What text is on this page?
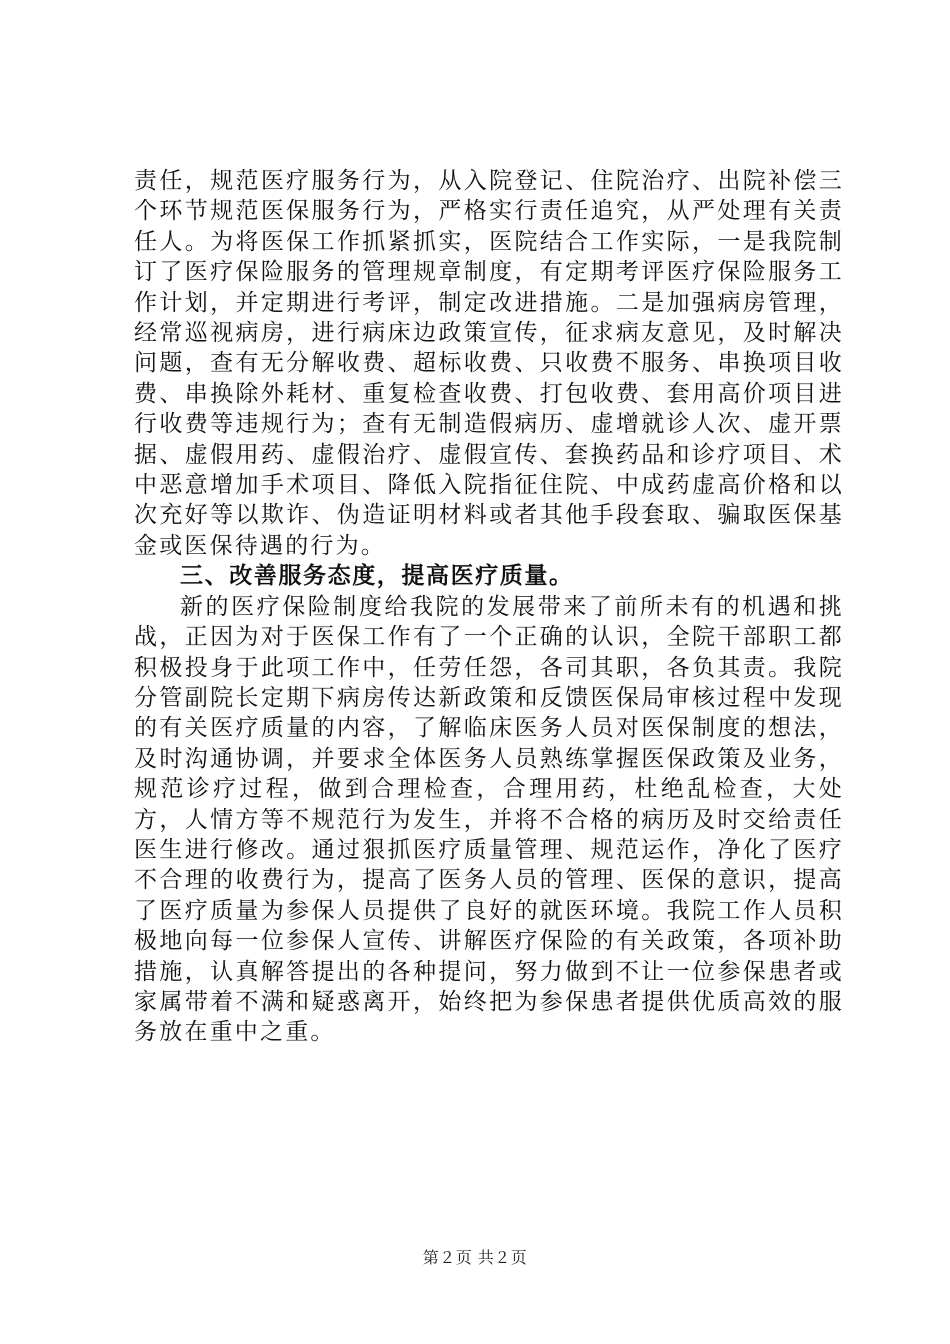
责任，规范医疗服务行为，从入院登记、住院治疗、出院补偿三个环节规范医保服务行为，严格实行责任追究，从严处理有关责任人。为将医保工作抓紧抓实，医院结合工作实际，一是我院制订了医疗保险服务的管理规章制度，有定期考评医疗保险服务工作计划，并定期进行考评，制定改进措施。二是加强病房管理，经常巡视病房，进行病床边政策宣传，征求病友意见，及时解决问题，查有无分解收费、超标收费、只收费不服务、串换项目收费、串换除外耗材、重复检查收费、打包收费、套用高价项目进行收费等违规行为；查有无制造假病历、虚增就诊人次、虚开票据、虚假用药、虚假治疗、虚假宣传、套换药品和诊疗项目、术中恶意增加手术项目、降低入院指征住院、中成药虚高价格和以次充好等以欺诈、伪造证明材料或者其他手段套取、骗取医保基金或医保待遇的行为。

三、改善服务态度，提高医疗质量。

新的医疗保险制度给我院的发展带来了前所未有的机遇和挑战，正因为对于医保工作有了一个正确的认识，全院干部职工都积极投身于此项工作中，任劳任怨，各司其职，各负其责。我院分管副院长定期下病房传达新政策和反馈医保局审核过程中发现的有关医疗质量的内容，了解临床医务人员对医保制度的想法，及时沟通协调，并要求全体医务人员熟练掌握医保政策及业务，规范诊疗过程，做到合理检查，合理用药，杜绝乱检查，大处方，人情方等不规范行为发生，并将不合格的病历及时交给责任医生进行修改。通过狠抓医疗质量管理、规范运作，净化了医疗不合理的收费行为，提高了医务人员的管理、医保的意识，提高了医疗质量为参保人员提供了良好的就医环境。我院工作人员积极地向每一位参保人宣传、讲解医疗保险的有关政策，各项补助措施，认真解答提出的各种提问，努力做到不让一位参保患者或家属带着不满和疑惑离开，始终把为参保患者提供优质高效的服务放在重中之重。

第２页 共２页
